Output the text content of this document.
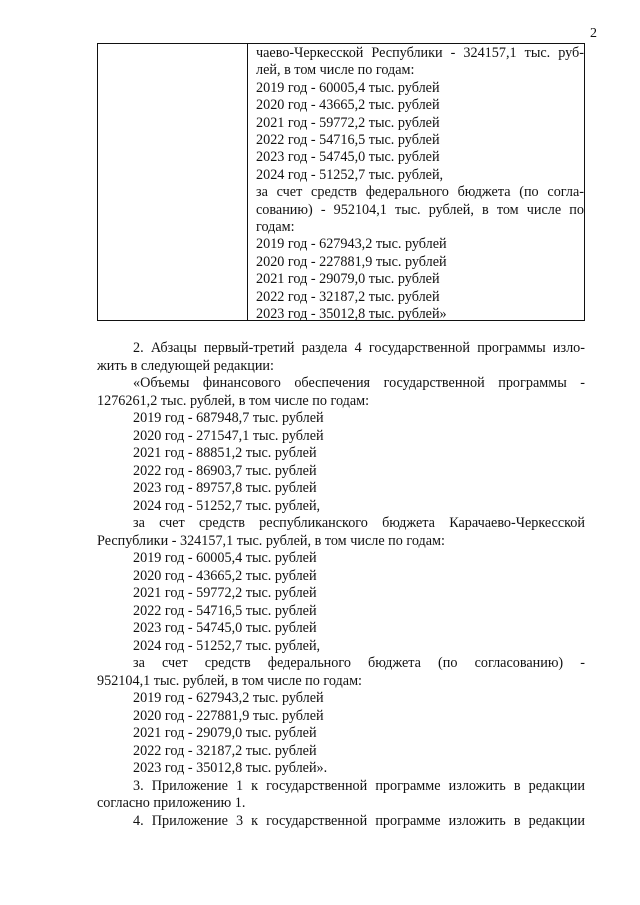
2
чаево-Черкесской Республики - 324157,1 тыс. руб-
лей, в том числе по годам:
2019 год - 60005,4 тыс. рублей
2020 год - 43665,2 тыс. рублей
2021 год - 59772,2 тыс. рублей
2022 год - 54716,5 тыс. рублей
2023 год - 54745,0 тыс. рублей
2024 год - 51252,7 тыс. рублей,
за счет средств федерального бюджета (по согла-
сованию) - 952104,1 тыс. рублей, в том числе по
годам:
2019 год - 627943,2 тыс. рублей
2020 год - 227881,9 тыс. рублей
2021 год - 29079,0 тыс. рублей
2022 год - 32187,2 тыс. рублей
2023 год - 35012,8 тыс. рублей»
2. Абзацы первый-третий раздела 4 государственной программы изло-
жить в следующей редакции:
«Объемы финансового обеспечения государственной программы -
1276261,2 тыс. рублей, в том числе по годам:
2019 год - 687948,7 тыс. рублей
2020 год - 271547,1 тыс. рублей
2021 год - 88851,2 тыс. рублей
2022 год - 86903,7 тыс. рублей
2023 год - 89757,8 тыс. рублей
2024 год - 51252,7 тыс. рублей,
за счет средств республиканского бюджета Карачаево-Черкесской
Республики - 324157,1 тыс. рублей, в том числе по годам:
2019 год - 60005,4 тыс. рублей
2020 год - 43665,2 тыс. рублей
2021 год - 59772,2 тыс. рублей
2022 год - 54716,5 тыс. рублей
2023 год - 54745,0 тыс. рублей
2024 год - 51252,7 тыс. рублей,
за счет средств федерального бюджета (по согласованию) -
952104,1 тыс. рублей, в том числе по годам:
2019 год - 627943,2 тыс. рублей
2020 год - 227881,9 тыс. рублей
2021 год - 29079,0 тыс. рублей
2022 год - 32187,2 тыс. рублей
2023 год - 35012,8 тыс. рублей».
3. Приложение 1 к государственной программе изложить в редакции
согласно приложению 1.
4. Приложение 3 к государственной программе изложить в редакции
